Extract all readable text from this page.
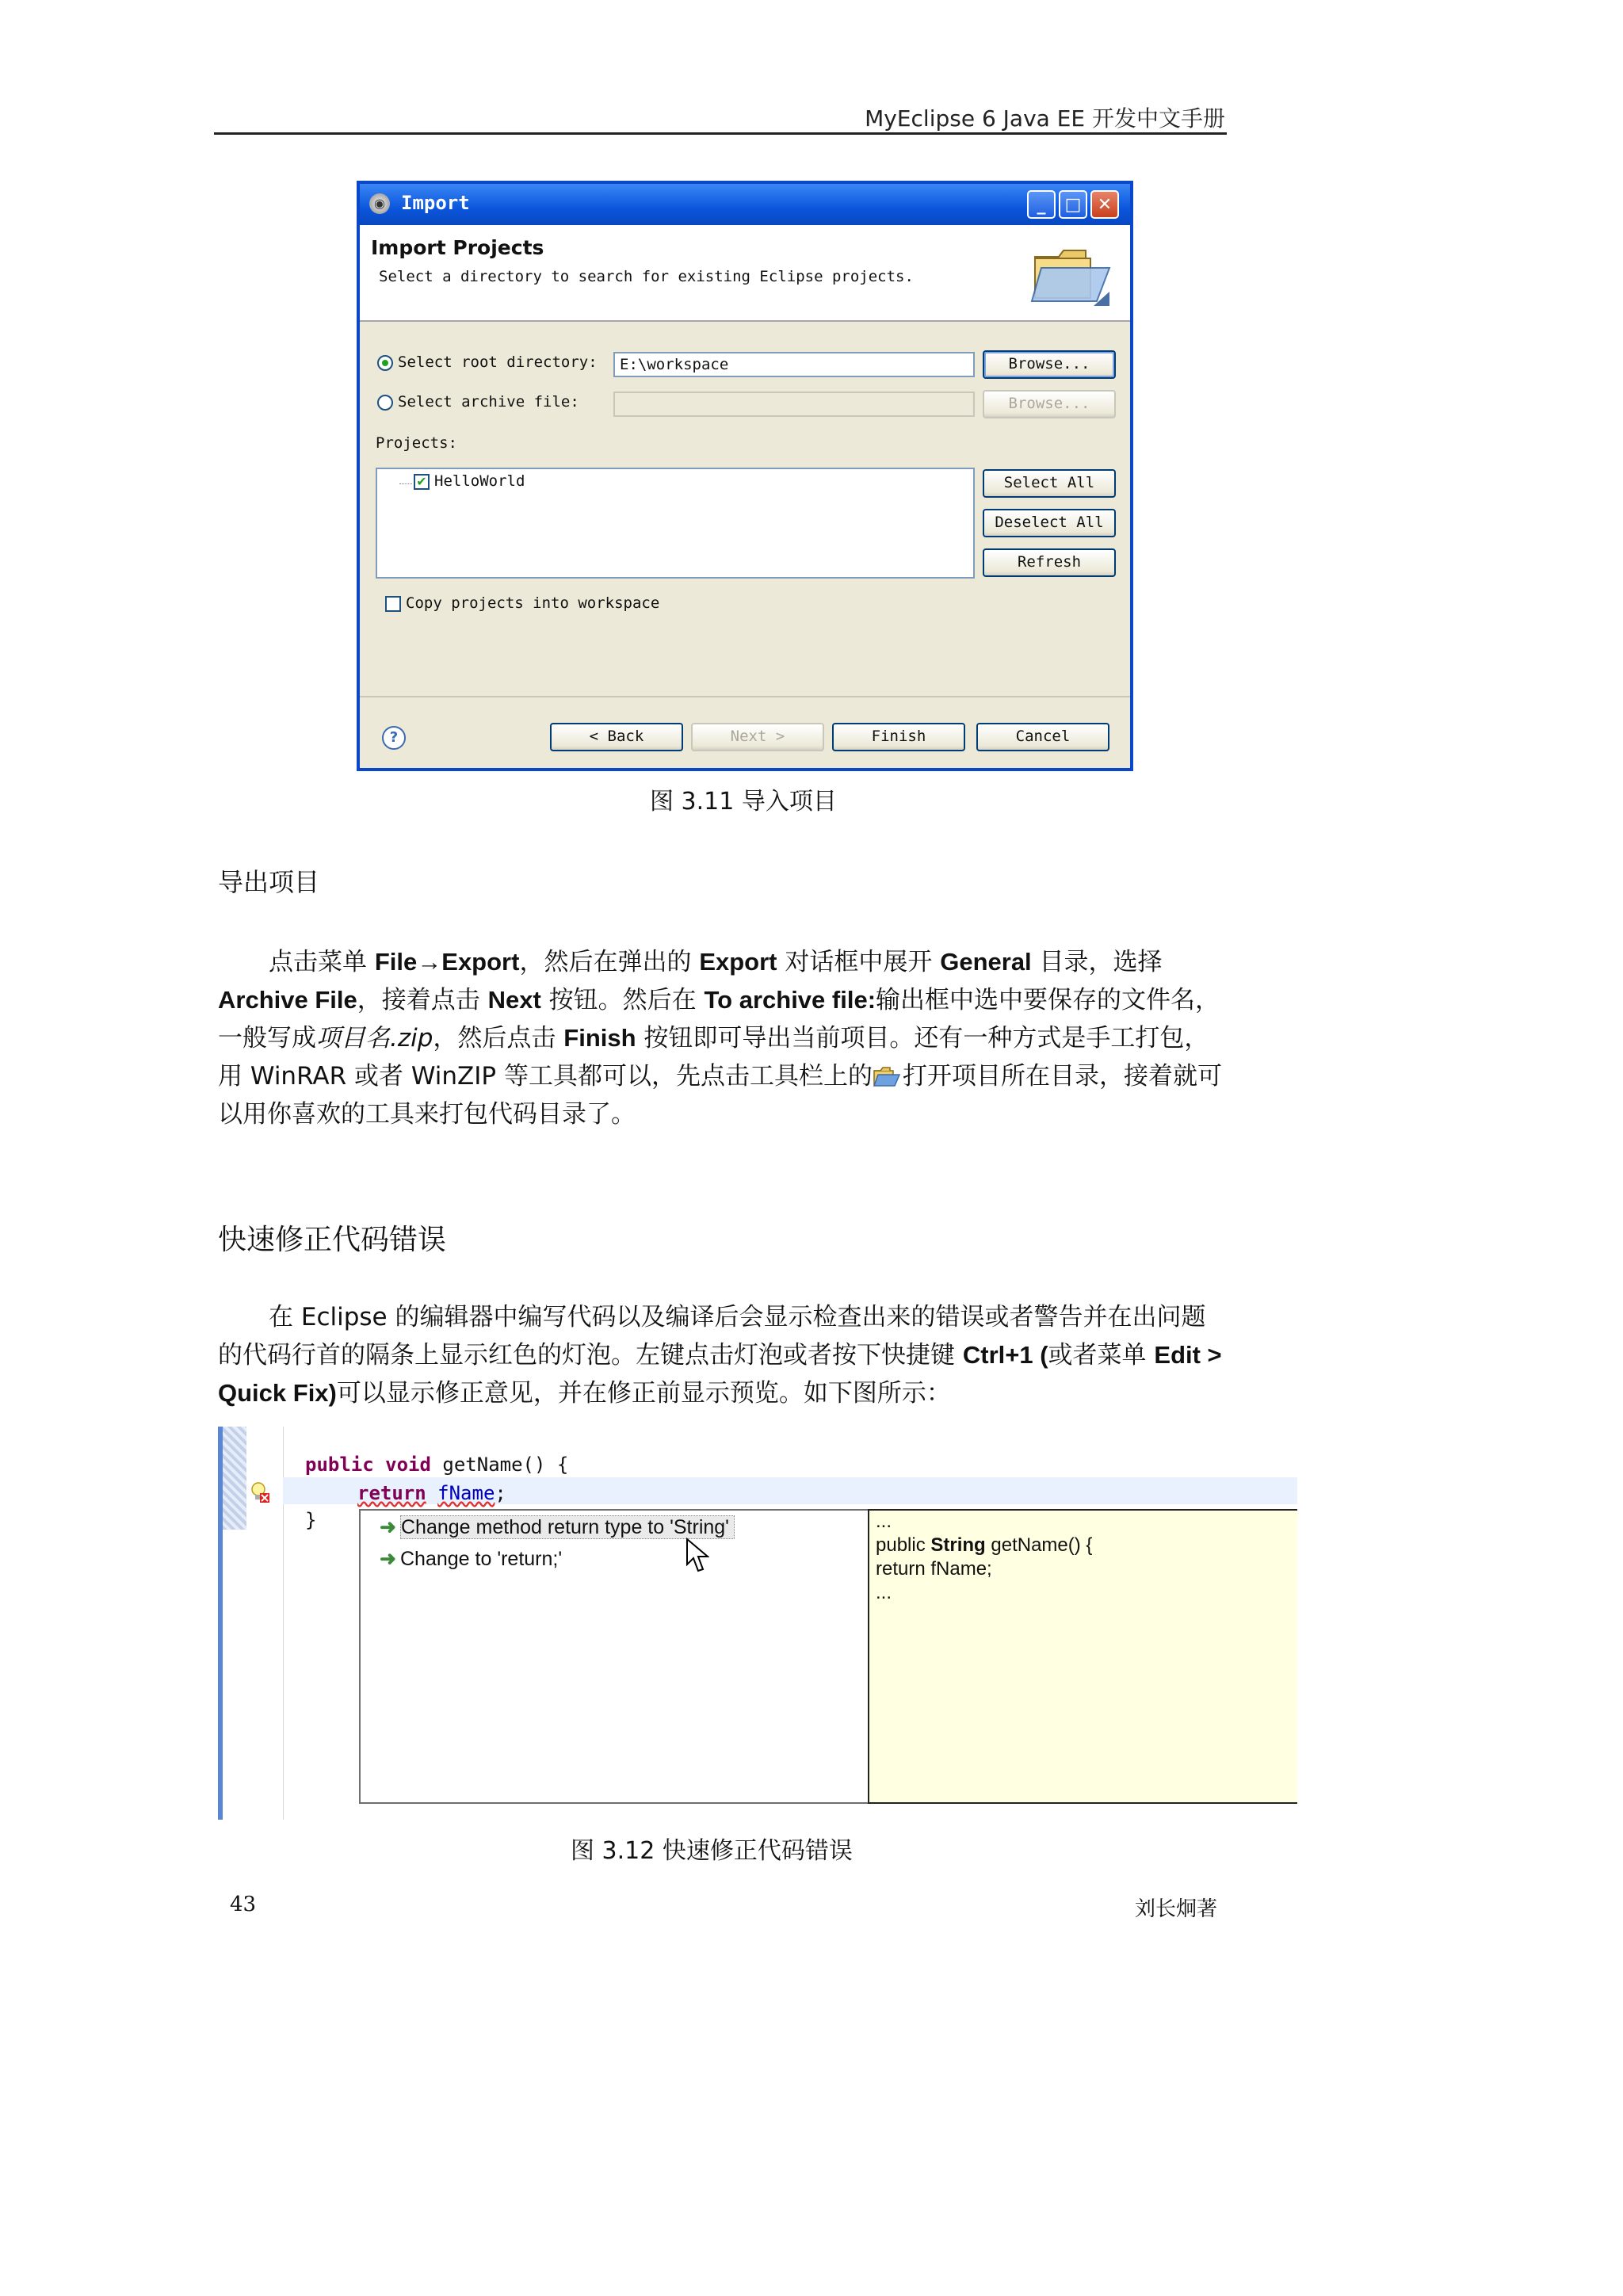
MyEclipse 6 Java EE 开发中文手册
◉ Import	_	□ ✕
Import Projects
Select a directory to search for existing Eclipse projects.
Select root directory:	E:\workspace	Browse...
Select archive file:	Browse...
Projects:
✔ HelloWorld	Select All
Deselect All
Refresh
Copy projects into workspace
?	< Back	Next >	Finish	Cancel
图 3.11 导入项目
导出项目
点击菜单 File→Export，然后在弹出的 Export 对话框中展开 General 目录，选择 Archive File，接着点击 Next 按钮。然后在 To archive file:输出框中选中要保存的文件名，一般写成项目名.zip，然后点击 Finish 按钮即可导出当前项目。还有一种方式是手工打包，用 WinRAR 或者 WinZIP 等工具都可以，先点击工具栏上的 打开项目所在目录，接着就可以用你喜欢的工具来打包代码目录了。
快速修正代码错误
在 Eclipse 的编辑器中编写代码以及编译后会显示检查出来的错误或者警告并在出问题的代码行首的隔条上显示红色的灯泡。左键点击灯泡或者按下快捷键 Ctrl+1 (或者菜单 Edit > Quick Fix)可以显示修正意见，并在修正前显示预览。如下图所示：
public void getName() {
return fName;
}	➜ Change method return type to 'String'
➜ Change to 'return;'
...
public String getName() {
return fName;
...
图 3.12 快速修正代码错误
43	刘长炯著
